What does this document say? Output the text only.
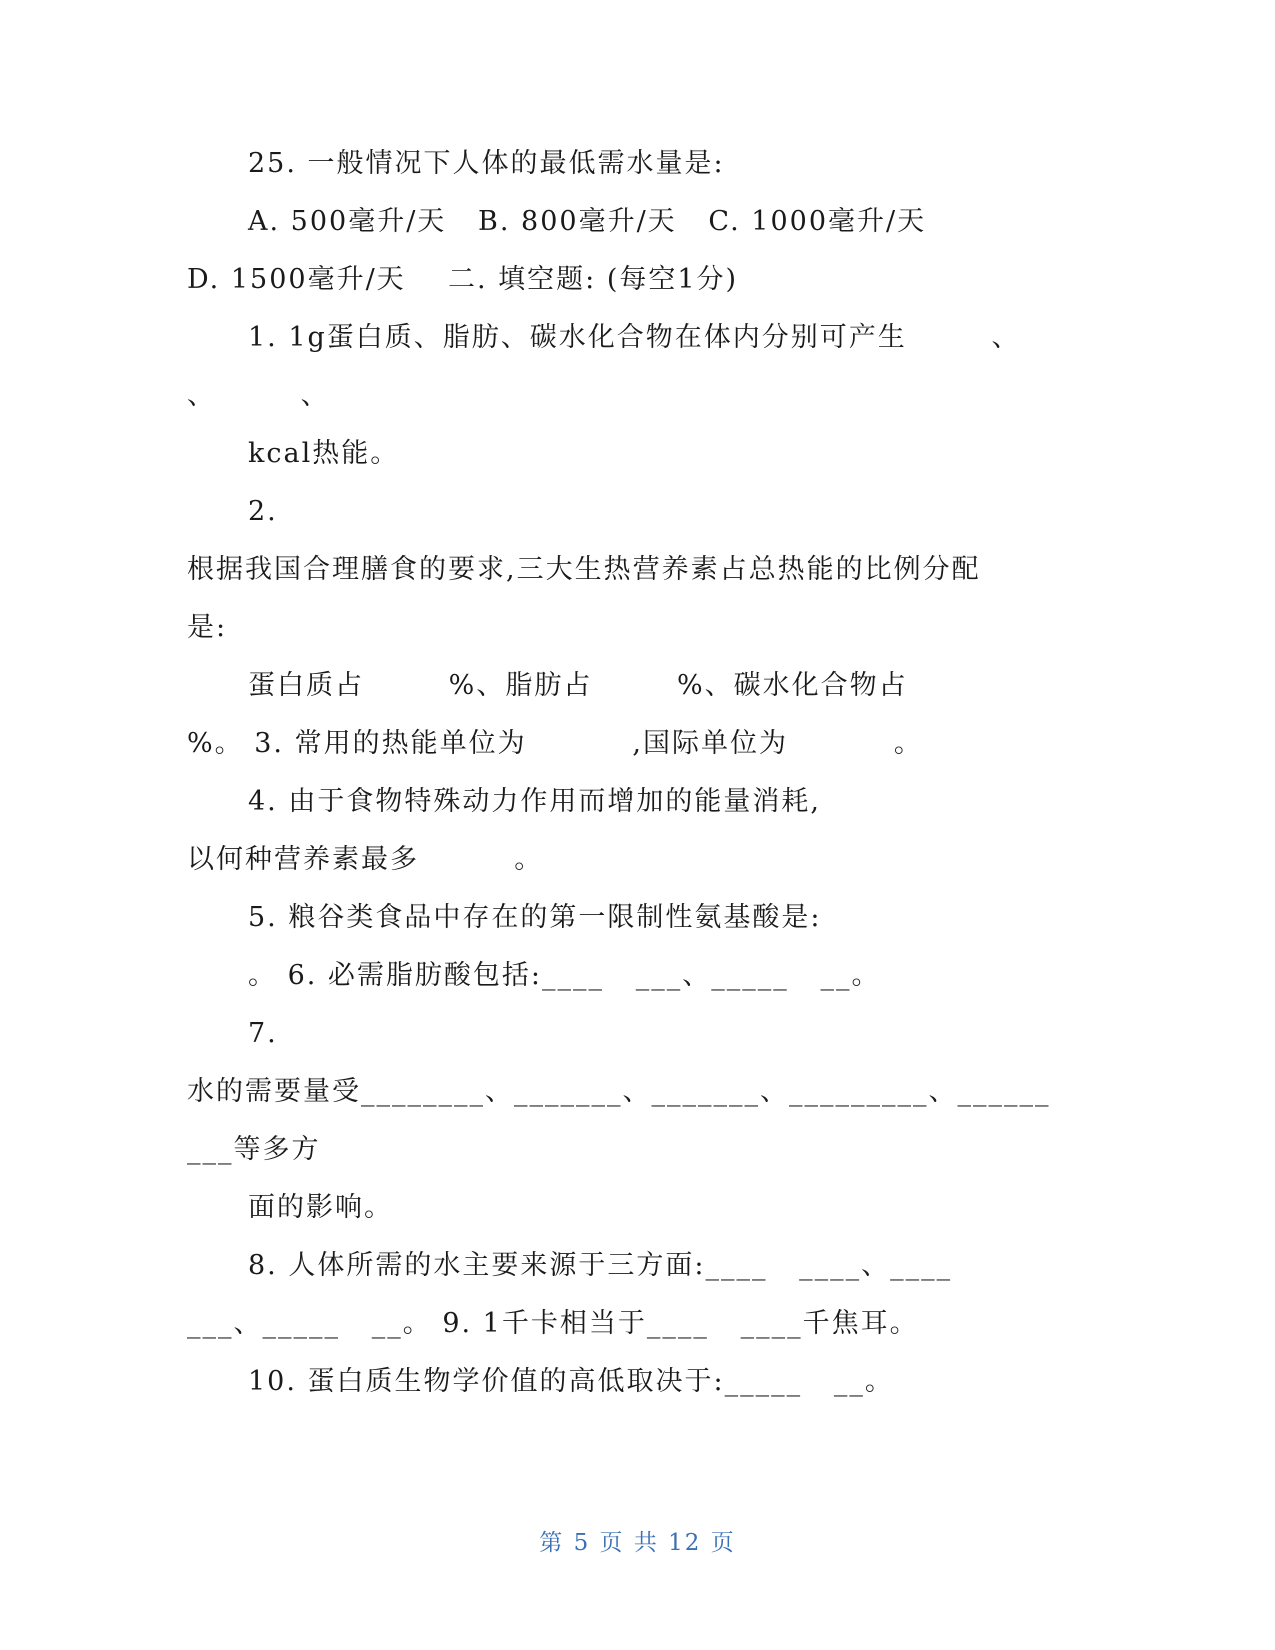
25. 一般情况下人体的最低需水量是:

A. 500毫升/天   B. 800毫升/天   C. 1000毫升/天

D. 1500毫升/天    二. 填空题: (每空1分)

1. 1g蛋白质、脂肪、碳水化合物在体内分别可产生        、

、        、

kcal热能。

2.

根据我国合理膳食的要求,三大生热营养素占总热能的比例分配

是:

蛋白质占        %、脂肪占        %、碳水化合物占

%。 3. 常用的热能单位为          ,国际单位为          。

4. 由于食物特殊动力作用而增加的能量消耗,

以何种营养素最多         。

5. 粮谷类食品中存在的第一限制性氨基酸是:

。 6. 必需脂肪酸包括:____   ___、_____   __。

7.

水的需要量受________、_______、_______、_________、______

___等多方

面的影响。

8. 人体所需的水主要来源于三方面:____   ____、____

___、_____   __。 9. 1千卡相当于____   ____千焦耳。

10. 蛋白质生物学价值的高低取决于:_____   __。

第 5 页 共 12 页
